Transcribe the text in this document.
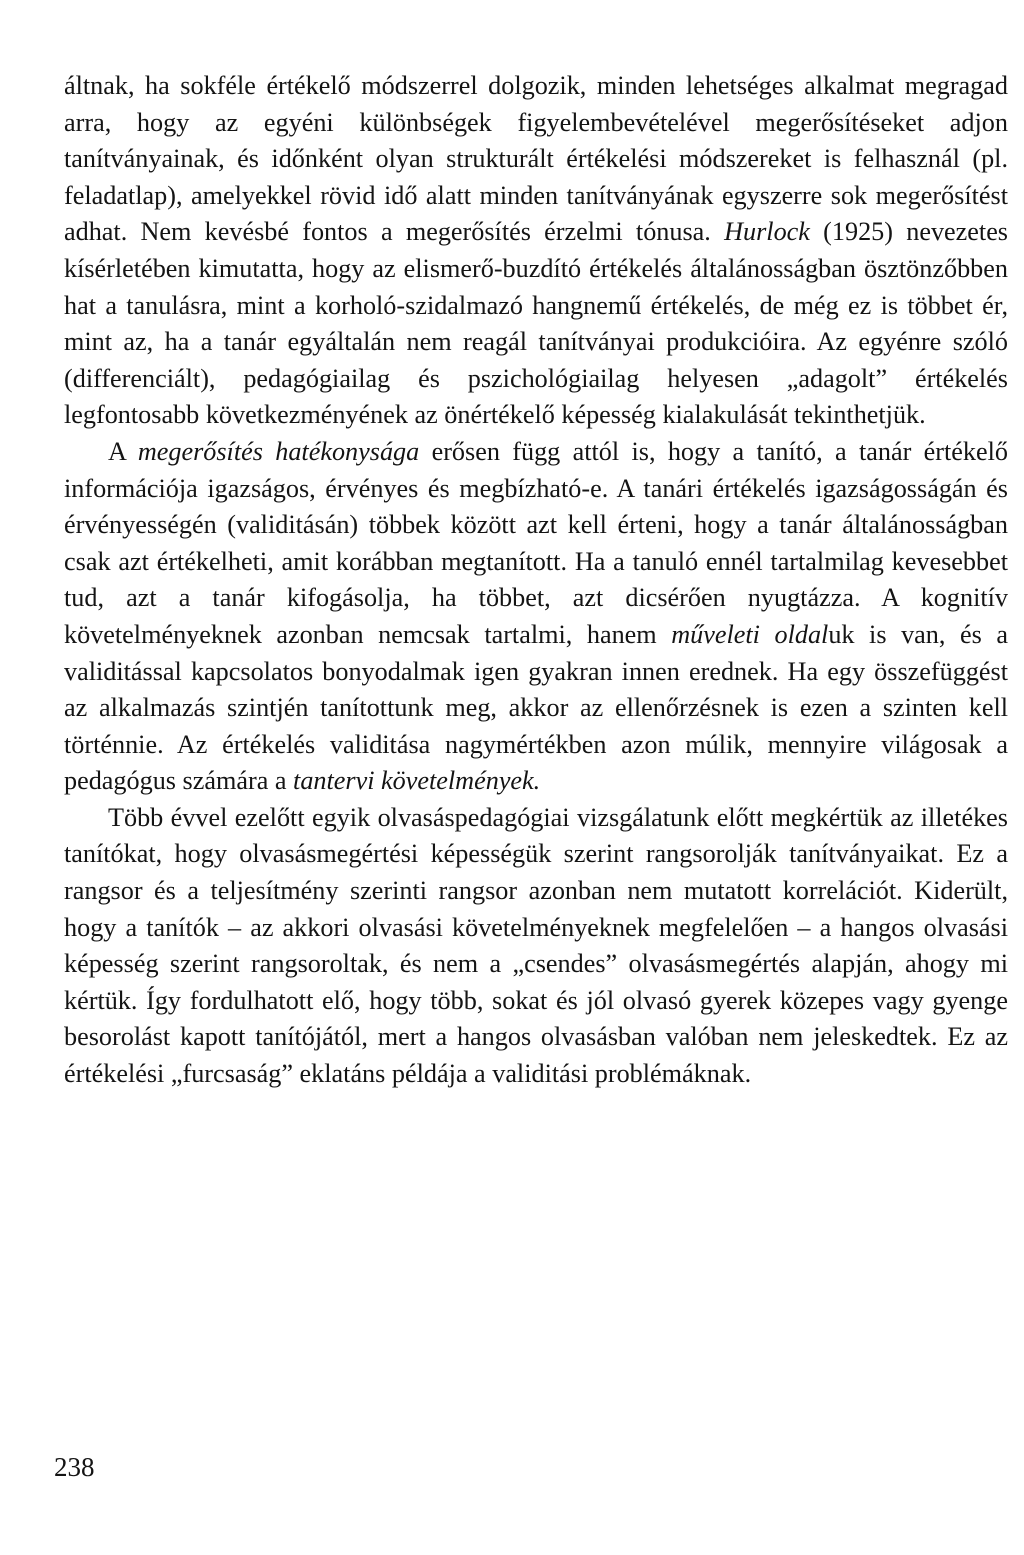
áltnak, ha sokféle értékelő módszerrel dolgozik, minden lehetséges alkalmat megragad arra, hogy az egyéni különbségek figyelembevételével megerősítéseket adjon tanítványainak, és időnként olyan strukturált értékelési módszereket is felhasznál (pl. feladatlap), amelyekkel rövid idő alatt minden tanítványának egyszerre sok megerősítést adhat. Nem kevésbé fontos a megerősítés érzelmi tónusa. Hurlock (1925) nevezetes kísérletében kimutatta, hogy az elismerő-buzdító értékelés általánosságban ösztönzőbben hat a tanulásra, mint a korholó-szidalmazó hangnemű értékelés, de még ez is többet ér, mint az, ha a tanár egyáltalán nem reagál tanítványai produkcióira. Az egyénre szóló (differenciált), pedagógiailag és pszichológiailag helyesen „adagolt” értékelés legfontosabb következményének az önértékelő képesség kialakulását tekinthetjük.

A megerősítés hatékonysága erősen függ attól is, hogy a tanító, a tanár értékelő információja igazságos, érvényes és megbízható-e. A tanári értékelés igazságosságán és érvényességén (validitásán) többek között azt kell érteni, hogy a tanár általánosságban csak azt értékelheti, amit korábban megtanított. Ha a tanuló ennél tartalmilag kevesebbet tud, azt a tanár kifogásolja, ha többet, azt dicsérően nyugtázza. A kognitív követelményeknek azonban nemcsak tartalmi, hanem műveleti oldaluk is van, és a validitással kapcsolatos bonyodalmak igen gyakran innen erednek. Ha egy összefüggést az alkalmazás szintjén tanítottunk meg, akkor az ellenőrzésnek is ezen a szinten kell történnie. Az értékelés validitása nagymértékben azon múlik, mennyire világosak a pedagógus számára a tantervi követelmények.

Több évvel ezelőtt egyik olvasáspedagógiai vizsgálatunk előtt megkértük az illetékes tanítókat, hogy olvasásmegértési képességük szerint rangsorolják tanítványaikat. Ez a rangsor és a teljesítmény szerinti rangsor azonban nem mutatott korrelációt. Kiderült, hogy a tanítók – az akkori olvasási követelményeknek megfelelően – a hangos olvasási képesség szerint rangsoroltak, és nem a „csendes” olvasásmegértés alapján, ahogy mi kértük. Így fordulhatott elő, hogy több, sokat és jól olvasó gyerek közepes vagy gyenge besorolást kapott tanítójától, mert a hangos olvasásban valóban nem jeleskedtek. Ez az értékelési „furcsaság” eklatáns példája a validitási problémáknak.

238
